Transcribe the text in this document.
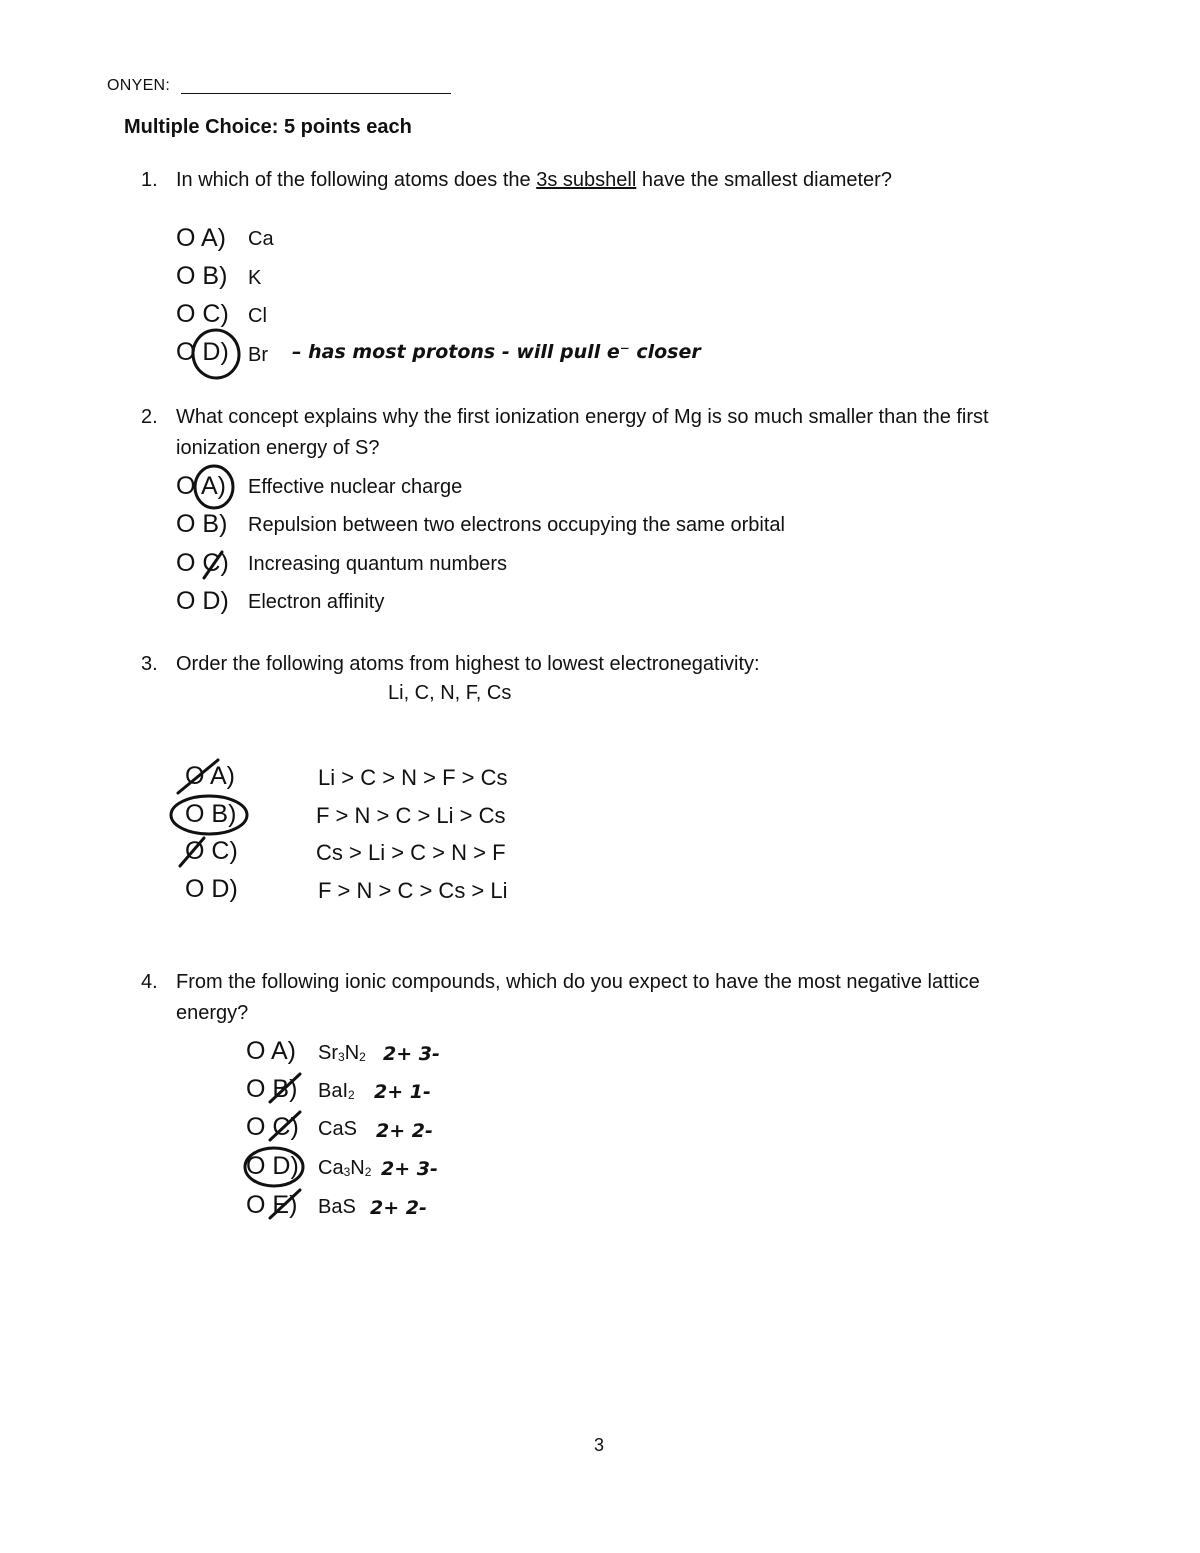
ONYEN:
Multiple Choice: 5 points each
1. In which of the following atoms does the 3s subshell have the smallest diameter?
O A) Ca
O B) K
O C) Cl
O D) Br – has most protons - will pull e⁻ closer
2. What concept explains why the first ionization energy of Mg is so much smaller than the first
ionization energy of S?
O A) Effective nuclear charge
O B) Repulsion between two electrons occupying the same orbital
O C) Increasing quantum numbers
O D) Electron affinity
3. Order the following atoms from highest to lowest electronegativity:
Li, C, N, F, Cs
O A)	Li > C > N > F > Cs
O B)	F > N > C > Li > Cs
O C)	Cs > Li > C > N > F
O D)	F > N > C > Cs > Li
4. From the following ionic compounds, which do you expect to have the most negative lattice
energy?
O A) $Sr_3N_2$ 2+ 3-
O B) BaI$_2$ 2+ 1-
O C) CaS 2+ 2-
O D) $Ca_3N_2$ 2+ 3-
O E) BaS 2+ 2-
3
